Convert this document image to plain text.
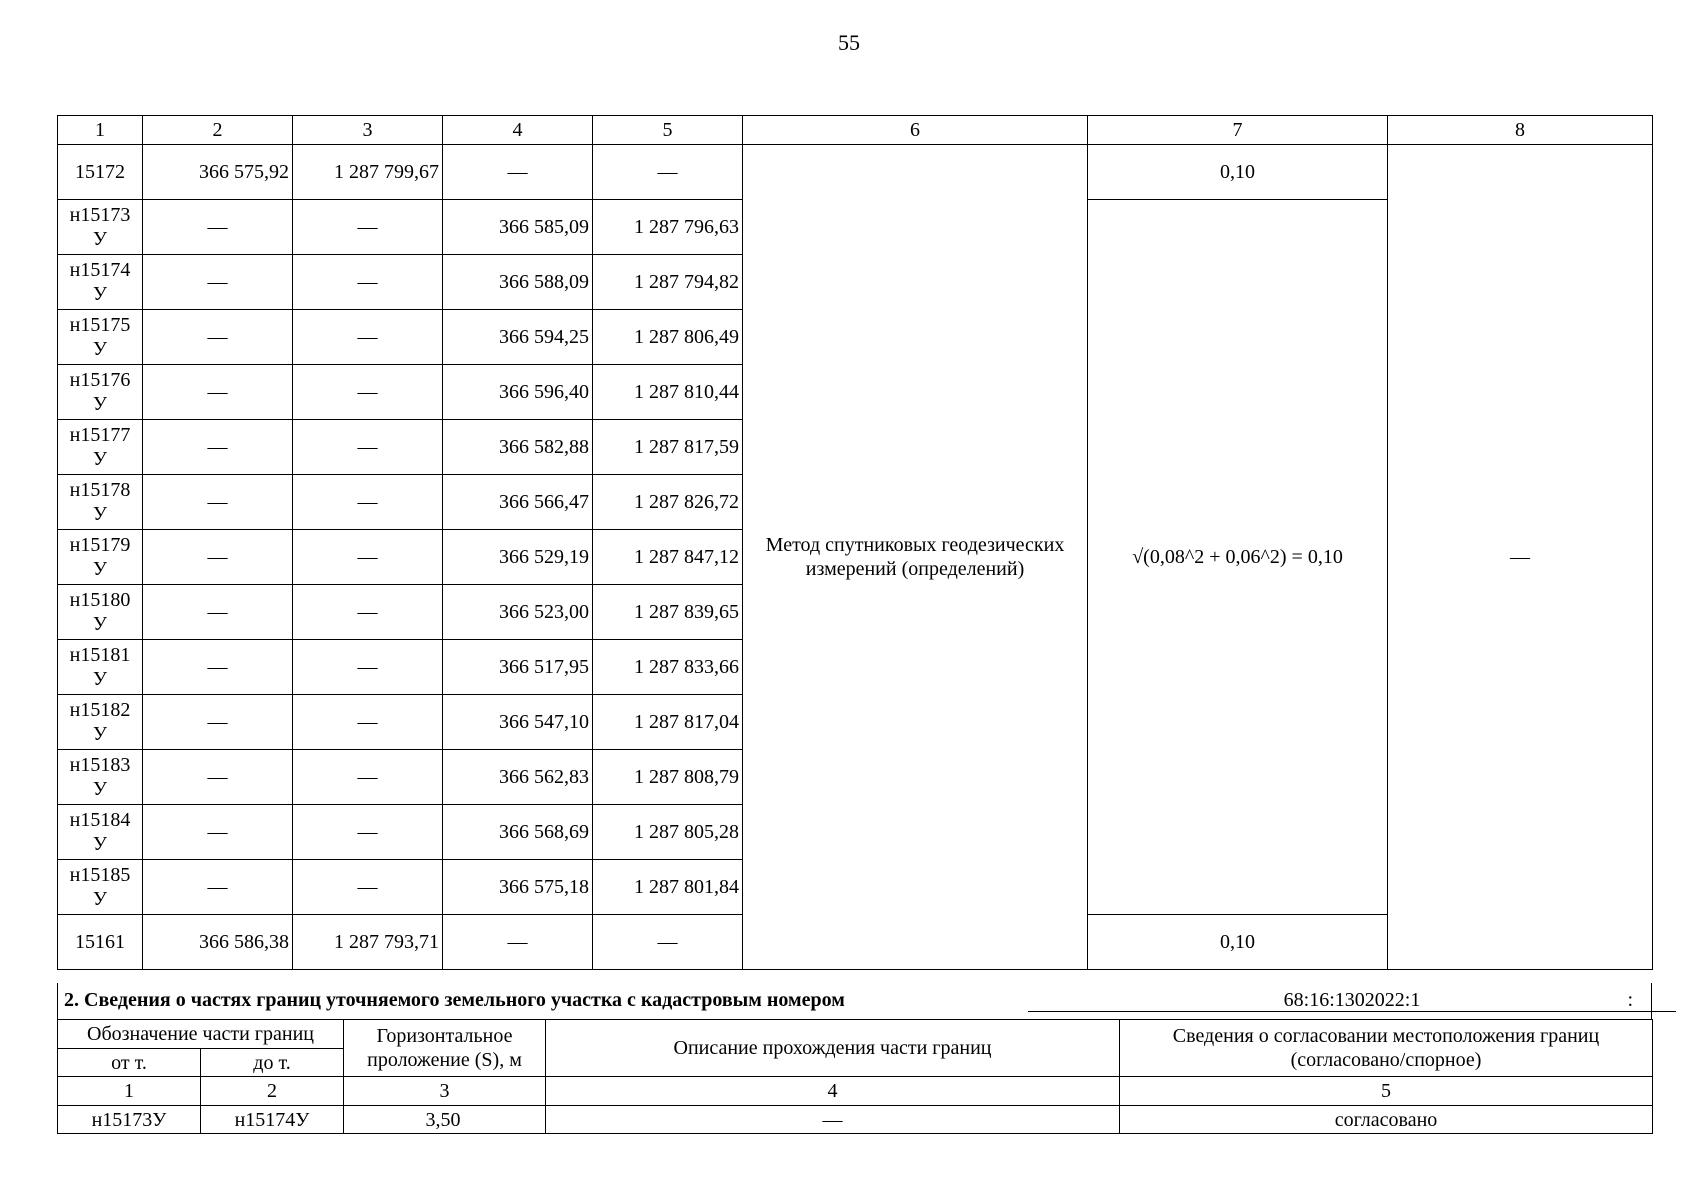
55
1	2	3	4	5	6	7	8
15172	366 575,92	1 287 799,67	—	—	Метод спутниковых геодезических измерений (определений)	0,10	—

н15173
У	—	—	366 585,09	1 287 796,63		√(0,08^2 + 0,06^2) = 0,10	

н15174
У	—	—	366 588,09	1 287 794,82			

н15175
У	—	—	366 594,25	1 287 806,49			

н15176
У	—	—	366 596,40	1 287 810,44			

н15177
У	—	—	366 582,88	1 287 817,59			

н15178
У	—	—	366 566,47	1 287 826,72			

н15179
У	—	—	366 529,19	1 287 847,12			

н15180
У	—	—	366 523,00	1 287 839,65			

н15181
У	—	—	366 517,95	1 287 833,66			

н15182
У	—	—	366 547,10	1 287 817,04			

н15183
У	—	—	366 562,83	1 287 808,79			

н15184
У	—	—	366 568,69	1 287 805,28			

н15185
У	—	—	366 575,18	1 287 801,84			
15161	366 586,38	1 287 793,71	—	—		0,10	
2. Сведения о частях границ уточняемого земельного участка с кадастровым номером	68:16:1302022:1	:
Обозначение части границ		Горизонтальное проложение (S), м	Описание прохождения части границ	Сведения о согласовании местоположения границ (согласовано/спорное)
от т.	до т.			
1	2	3	4	5
н15173У	н15174У	3,50	—	согласовано
